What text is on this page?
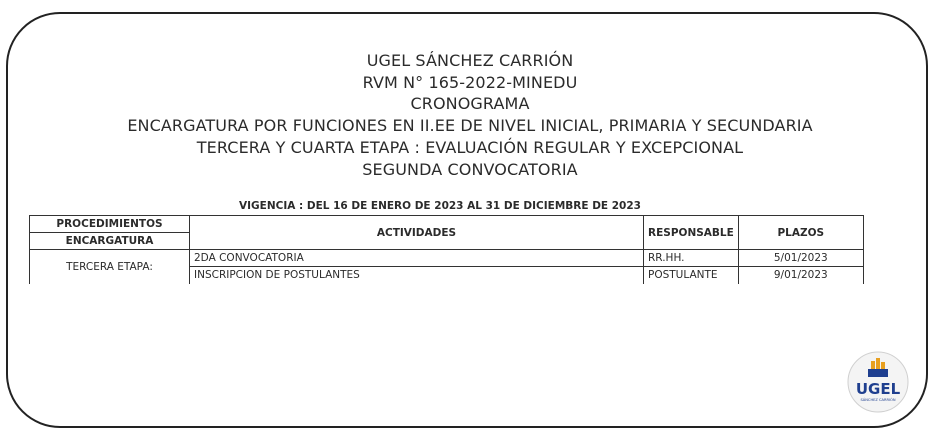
UGEL SÁNCHEZ CARRIÓN
RVM N° 165-2022-MINEDU
CRONOGRAMA
ENCARGATURA POR FUNCIONES EN II.EE DE NIVEL INICIAL, PRIMARIA Y SECUNDARIA
TERCERA Y CUARTA ETAPA : EVALUACIÓN REGULAR Y EXCEPCIONAL
SEGUNDA CONVOCATORIA
VIGENCIA : DEL 16 DE ENERO DE 2023 AL 31 DE DICIEMBRE DE 2023
PROCEDIMIENTOS	ACTIVIDADES	RESPONSABLE	PLAZOS
ENCARGATURA			
TERCERA ETAPA:	2DA CONVOCATORIA	RR.HH.	5/01/2023
	INSCRIPCION DE POSTULANTES	POSTULANTE	9/01/2023
UGEL
SÁNCHEZ CARRIÓN
